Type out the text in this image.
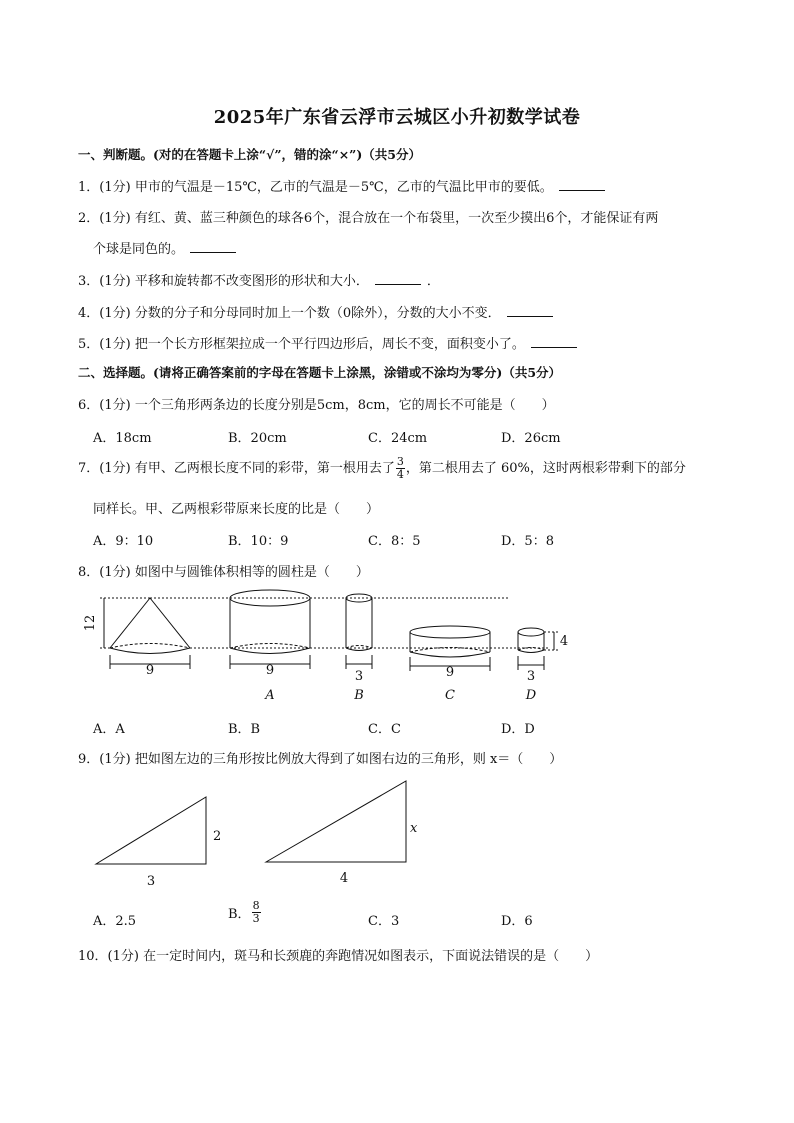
2025年广东省云浮市云城区小升初数学试卷
一、判断题。(对的在答题卡上涂“√”，错的涂“×”)（共5分）
1．(1分) 甲市的气温是－15℃，乙市的气温是－5℃，乙市的气温比甲市的要低。
2．(1分) 有红、黄、蓝三种颜色的球各6个，混合放在一个布袋里，一次至少摸出6个，才能保证有两
个球是同色的。
3．(1分) 平移和旋转都不改变图形的形状和大小．	．
4．(1分) 分数的分子和分母同时加上一个数（0除外），分数的大小不变．
5．(1分) 把一个长方形框架拉成一个平行四边形后，周长不变，面积变小了。
二、选择题。(请将正确答案前的字母在答题卡上涂黑，涂错或不涂均为零分)（共5分）
6．(1分) 一个三角形两条边的长度分别是5cm，8cm，它的周长不可能是（　　）
A．18cm	B．20cm	C．24cm	D．26cm
7．(1分) 有甲、乙两根长度不同的彩带，第一根用去了 $\frac{3}{4}$ ，第二根用去了 60%，这时两根彩带剩下的部分
同样长。甲、乙两根彩带原来长度的比是（　　）
A．9：10	B．10：9	C．8：5	D．5：8
8．(1分) 如图中与圆锥体积相等的圆柱是（　　）
12
9	9
A
3
B
9
C
3
4
D
A．A	B．B	C．C	D．D
9．(1分) 把如图左边的三角形按比例放大得到了如图右边的三角形，则 x＝（　　）
2
3
x
4
A．2.5	B． $\frac{8}{3}$	C．3	D．6
10．(1分) 在一定时间内，斑马和长颈鹿的奔跑情况如图表示，下面说法错误的是（　　）
